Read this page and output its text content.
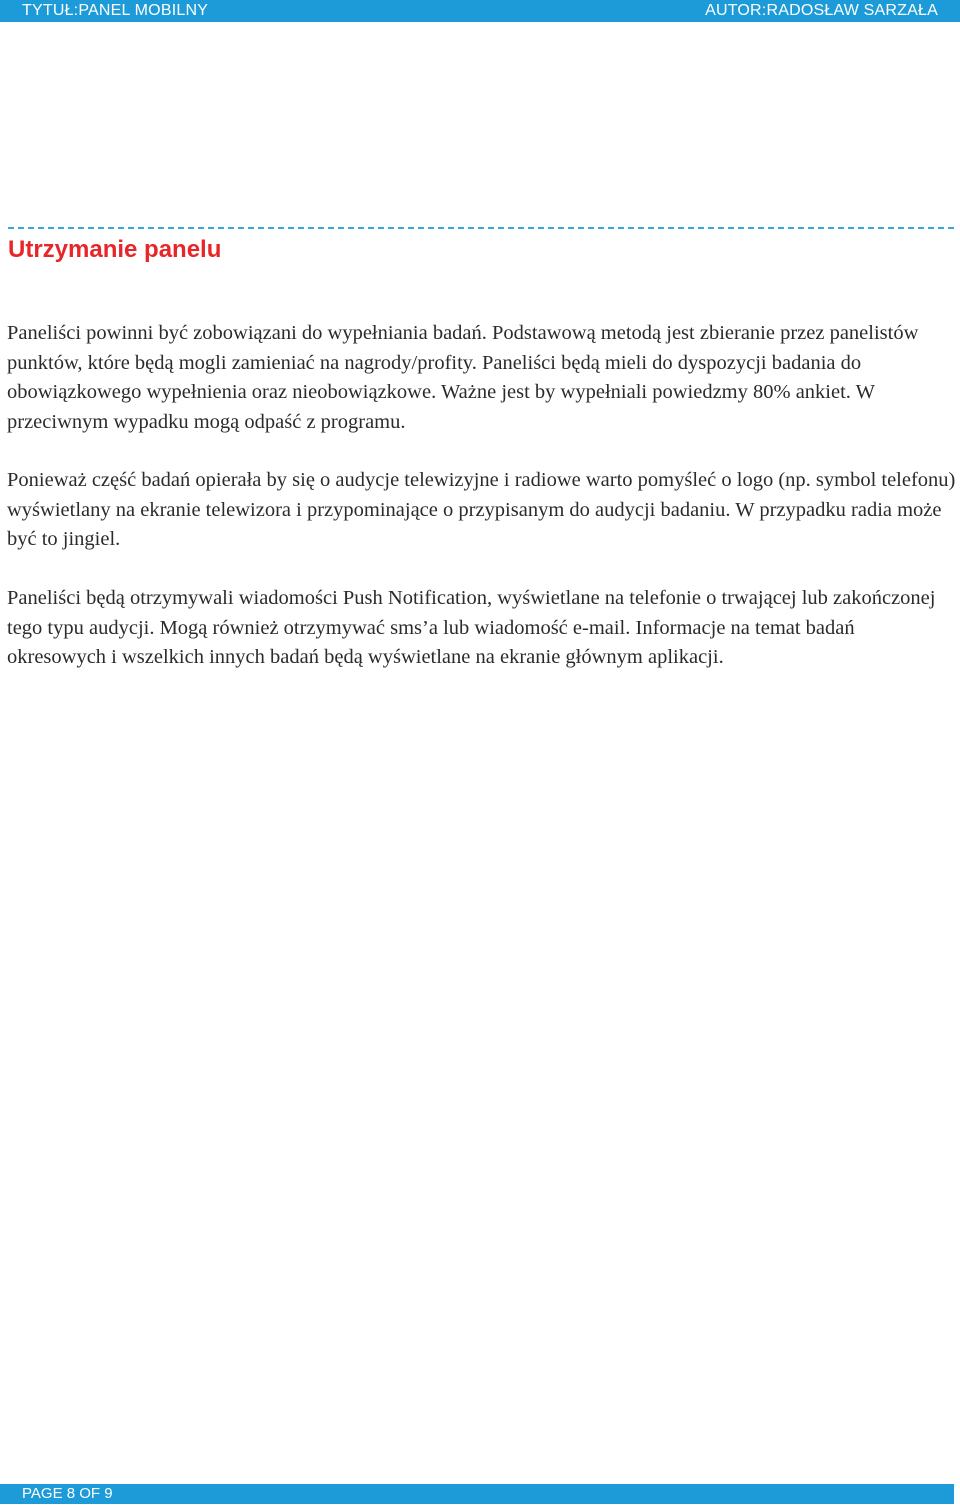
TYTUŁ:PANEL MOBILNY	AUTOR:RADOSŁAW SARZAŁA
Utrzymanie panelu

Paneliści powinni być zobowiązani do wypełniania badań. Podstawową metodą jest zbieranie przez panelistów punktów, które będą mogli zamieniać na nagrody/profity. Paneliści będą mieli do dyspozycji badania do obowiązkowego wypełnienia oraz nieobowiązkowe. Ważne jest by wypełniali powiedzmy 80% ankiet. W przeciwnym wypadku mogą odpaść z programu.

Ponieważ część badań opierała by się o audycje telewizyjne i radiowe warto pomyśleć o logo (np. symbol telefonu) wyświetlany na ekranie telewizora i przypominające o przypisanym do audycji badaniu. W przypadku radia może być to jingiel.

Paneliści będą otrzymywali wiadomości Push Notification, wyświetlane na telefonie o trwającej lub zakończonej tego typu audycji. Mogą również otrzymywać sms’a lub wiadomość e-mail. Informacje na temat badań okresowych i wszelkich innych badań będą wyświetlane na ekranie głównym aplikacji.

PAGE 8 OF 9
